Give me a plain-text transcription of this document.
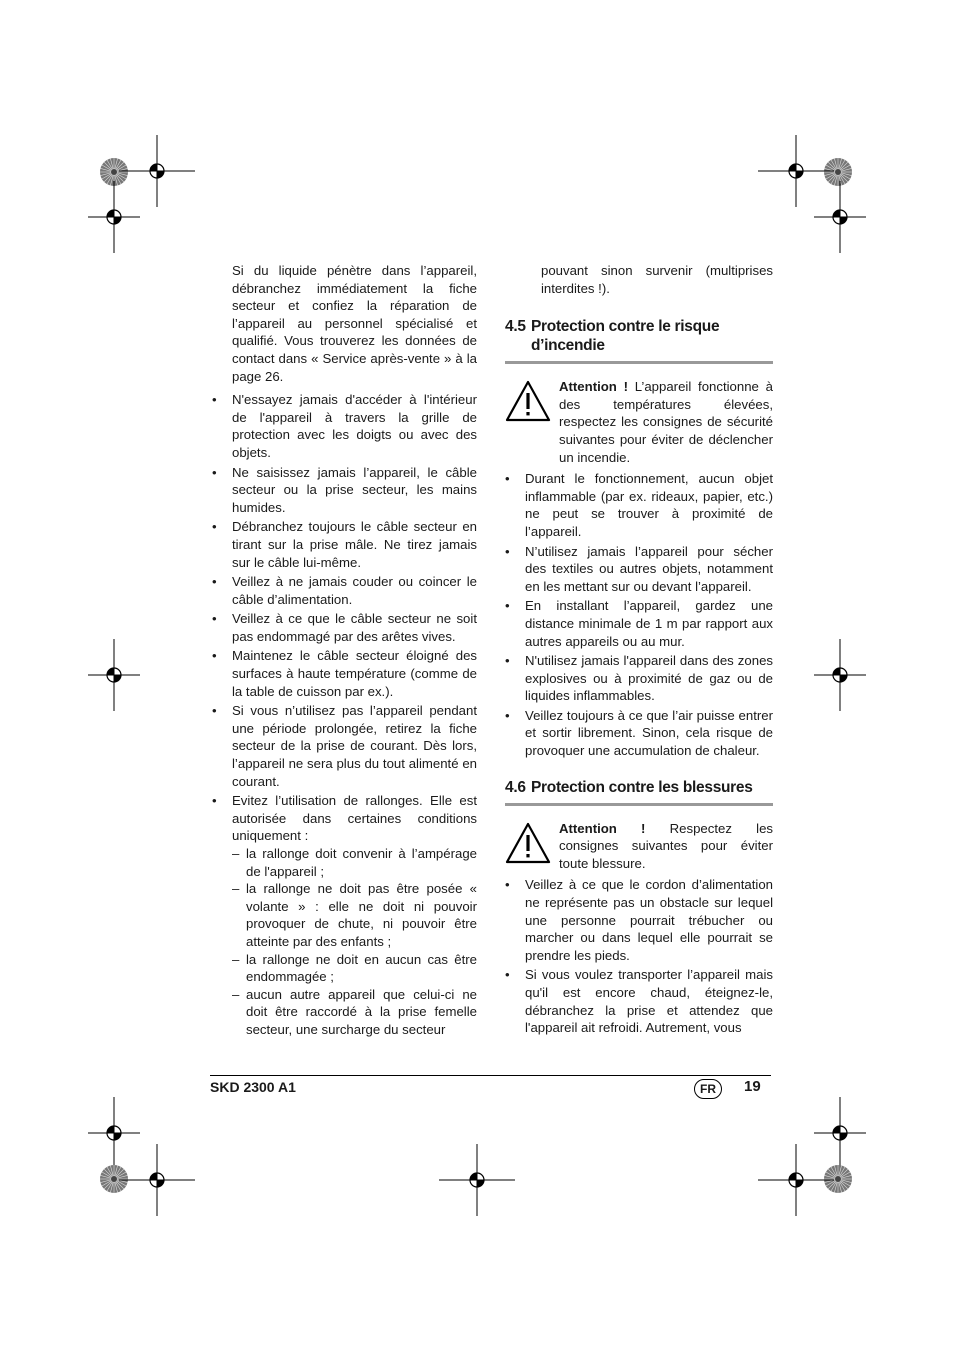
Si du liquide pénètre dans l’appareil, débranchez immédiatement la fiche secteur et confiez la réparation de l’appareil au personnel spécialisé et qualifié. Vous trouverez les données de contact dans « Service après-vente » à la page 26.

• N'essayez jamais d'accéder à l'intérieur de l'appareil à travers la grille de protection avec les doigts ou avec des objets.
• Ne saisissez jamais l’appareil, le câble secteur ou la prise secteur, les mains humides.
• Débranchez toujours le câble secteur en tirant sur la prise mâle. Ne tirez jamais sur le câble lui-même.
• Veillez à ne jamais couder ou coincer le câble d’alimentation.
• Veillez à ce que le câble secteur ne soit pas endommagé par des arêtes vives.
• Maintenez le câble secteur éloigné des surfaces à haute température (comme de la table de cuisson par ex.).
• Si vous n’utilisez pas l’appareil pendant une période prolongée, retirez la fiche secteur de la prise de courant. Dès lors, l’appareil ne sera plus du tout alimenté en courant.
• Evitez l’utilisation de rallonges. Elle est autorisée dans certaines conditions uniquement :
– la rallonge doit convenir à l’ampérage de l'appareil ;
– la rallonge ne doit pas être posée « volante » : elle ne doit ni pouvoir provoquer de chute, ni pouvoir être atteinte par des enfants ;
– la rallonge ne doit en aucun cas être endommagée ;
– aucun autre appareil que celui-ci ne doit être raccordé à la prise femelle secteur, une surcharge du secteur

pouvant sinon survenir (multiprises interdites !).

4.5 Protection contre le risque
d’incendie
Attention ! L’appareil fonctionne à des températures élevées, respectez les consignes de sécurité suivantes pour éviter de déclencher un incendie.
• Durant le fonctionnement, aucun objet inflammable (par ex. rideaux, papier, etc.) ne peut se trouver à proximité de l’appareil.
• N’utilisez jamais l’appareil pour sécher des textiles ou autres objets, notamment en les mettant sur ou devant l’appareil.
• En installant l’appareil, gardez une distance minimale de 1 m par rapport aux autres appareils ou au mur.
• N'utilisez jamais l'appareil dans des zones explosives ou à proximité de gaz ou de liquides inflammables.
• Veillez toujours à ce que l’air puisse entrer et sortir librement. Sinon, cela risque de provoquer une accumulation de chaleur.
4.6 Protection contre les blessures
Attention ! Respectez les consignes suivantes pour éviter toute blessure.
• Veillez à ce que le cordon d’alimentation ne représente pas un obstacle sur lequel une personne pourrait trébucher ou marcher ou dans lequel elle pourrait se prendre les pieds.
• Si vous voulez transporter l’appareil mais qu'il est encore chaud, éteignez-le, débranchez la prise et attendez que l'appareil ait refroidi. Autrement, vous
SKD 2300 A1	FR	19
